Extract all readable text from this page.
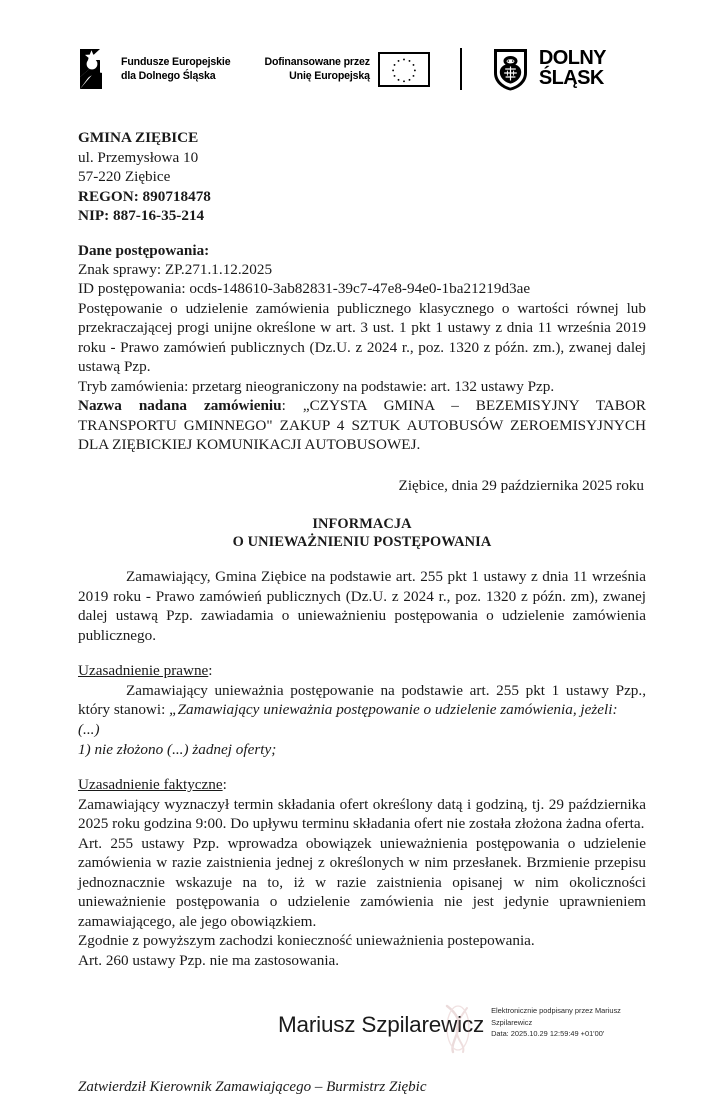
Fundusze Europejskie
dla Dolnego Śląska
Dofinansowane przez
Unię Europejską
DOLNY
ŚLĄSK
GMINA ZIĘBICE
ul. Przemysłowa 10
57-220 Ziębice
REGON: 890718478
NIP: 887-16-35-214
Dane postępowania:
Znak sprawy: ZP.271.1.12.2025
ID postępowania: ocds-148610-3ab82831-39c7-47e8-94e0-1ba21219d3ae

Postępowanie o udzielenie zamówienia publicznego klasycznego o wartości równej lub przekraczającej progi unijne określone w art. 3 ust. 1 pkt 1 ustawy z dnia 11 września 2019 roku - Prawo zamówień publicznych (Dz.U. z 2024 r., poz. 1320 z późn. zm.), zwanej dalej ustawą Pzp.

Tryb zamówienia: przetarg nieograniczony na podstawie: art. 132 ustawy Pzp.

Nazwa nadana zamówieniu: „CZYSTA GMINA – BEZEMISYJNY TABOR TRANSPORTU GMINNEGO" ZAKUP 4 SZTUK AUTOBUSÓW ZEROEMISYJNYCH DLA ZIĘBICKIEJ KOMUNIKACJI AUTOBUSOWEJ.

Ziębice, dnia 29 października 2025 roku
INFORMACJA
O UNIEWAŻNIENIU POSTĘPOWANIA

Zamawiający, Gmina Ziębice na podstawie art. 255 pkt 1 ustawy z dnia 11 września 2019 roku - Prawo zamówień publicznych (Dz.U. z 2024 r., poz. 1320 z późn. zm), zwanej dalej ustawą Pzp. zawiadamia o unieważnieniu postępowania o udzielenie zamówienia publicznego.

Uzasadnienie prawne:

Zamawiający unieważnia postępowanie na podstawie art. 255 pkt 1 ustawy Pzp., który stanowi: „Zamawiający unieważnia postępowanie o udzielenie zamówienia, jeżeli:

(...)
1) nie złożono (...) żadnej oferty;
Uzasadnienie faktyczne:

Zamawiający wyznaczył termin składania ofert określony datą i godziną, tj. 29 października 2025 roku godzina 9:00. Do upływu terminu składania ofert nie została złożona żadna oferta.

Art. 255 ustawy Pzp. wprowadza obowiązek unieważnienia postępowania o udzielenie zamówienia w razie zaistnienia jednej z określonych w nim przesłanek. Brzmienie przepisu jednoznacznie wskazuje na to, iż w razie zaistnienia opisanej w nim okoliczności unieważnienie postępowania o udzielenie zamówienia nie jest jedynie uprawnieniem zamawiającego, ale jego obowiązkiem.

Zgodnie z powyższym zachodzi konieczność unieważnienia postepowania.

Art. 260 ustawy Pzp. nie ma zastosowania.

Mariusz Szpilarewicz
Elektronicznie podpisany przez Mariusz
Szpilarewicz
Data: 2025.10.29 12:59:49 +01'00'
Zatwierdził Kierownik Zamawiającego – Burmistrz Ziębic
